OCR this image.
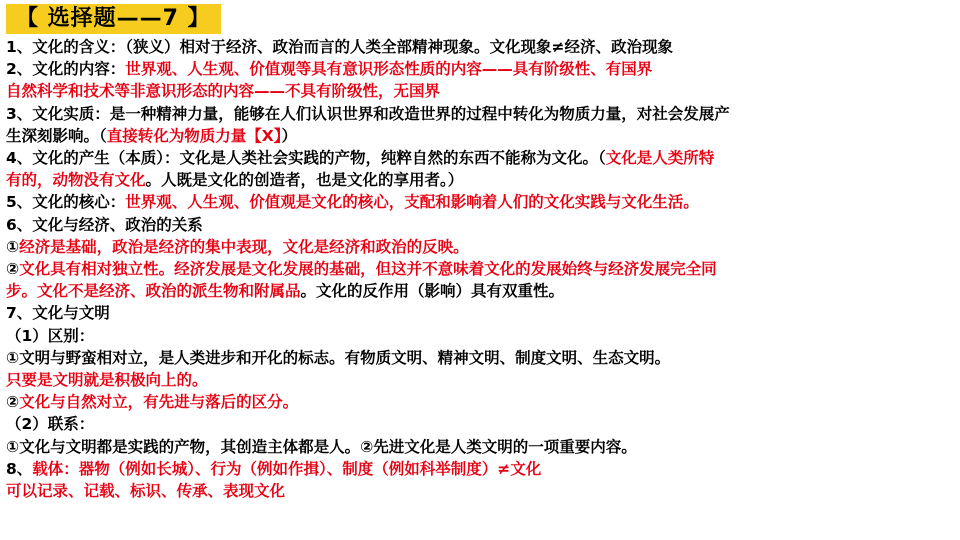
【 选择题——7 】
1、文化的含义：（狭义）相对于经济、政治而言的人类全部精神现象。文化现象≠经济、政治现象
2、文化的内容：世界观、人生观、价值观等具有意识形态性质的内容——具有阶级性、有国界
自然科学和技术等非意识形态的内容——不具有阶级性，无国界
3、文化实质：是一种精神力量，能够在人们认识世界和改造世界的过程中转化为物质力量，对社会发展产
生深刻影响。（直接转化为物质力量【X】）
4、文化的产生（本质）：文化是人类社会实践的产物，纯粹自然的东西不能称为文化。（文化是人类所特
有的，动物没有文化。人既是文化的创造者，也是文化的享用者。）
5、文化的核心：世界观、人生观、价值观是文化的核心，支配和影响着人们的文化实践与文化生活。
6、文化与经济、政治的关系
①经济是基础，政治是经济的集中表现，文化是经济和政治的反映。
②文化具有相对独立性。经济发展是文化发展的基础，但这并不意味着文化的发展始终与经济发展完全同
步。文化不是经济、政治的派生物和附属品。文化的反作用（影响）具有双重性。
7、文化与文明
（1）区别：
①文明与野蛮相对立，是人类进步和开化的标志。有物质文明、精神文明、制度文明、生态文明。
只要是文明就是积极向上的。
②文化与自然对立，有先进与落后的区分。
（2）联系：
①文化与文明都是实践的产物，其创造主体都是人。②先进文化是人类文明的一项重要内容。
8、载体：器物（例如长城）、行为（例如作揖）、制度（例如科举制度）≠文化
可以记录、记载、标识、传承、表现文化
